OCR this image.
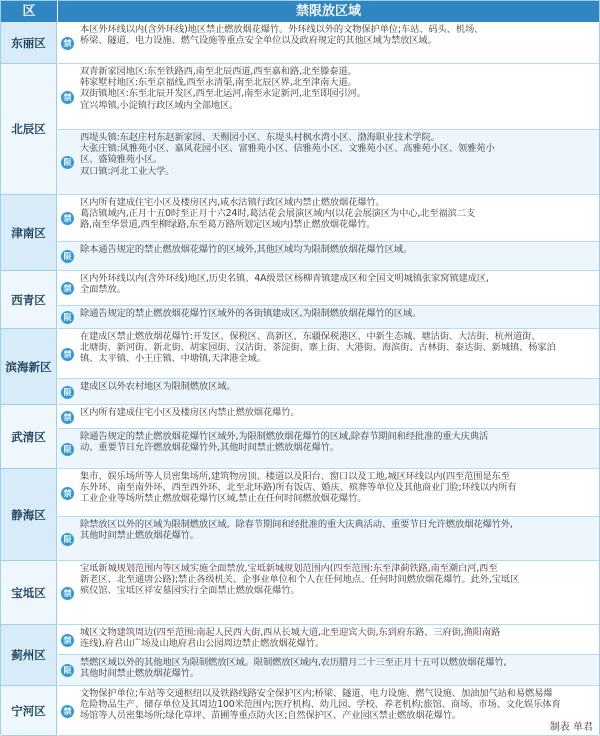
区	禁限放区域
东丽区	禁
本区外环线以内(含外环线)地区禁止燃放烟花爆竹。外环线以外的文物保护单位;车站、码头、机场、
桥梁、隧道、电力设施、燃气设施等重点安全单位以及政府规定的其他区域为禁放区域。
北辰区
禁
双青新家园地区:东至铁路西,南至北辰西道,西至嘉和路,北至滕泰道。
韩家墅村地区:东至京福线,西至永清渠,南至北辰区界,北至津南大道。
双街镇地区:东至北辰开发区,西至北运河,南至永定新河,北至即园引河。
宜兴埠镇,小淀镇行政区域内全部地区。
限
西堤头镇:东赵庄村东赵新家园、天赐园小区、东堤头村枫水湾小区、渤海职业技术学院。
大张庄镇:风雅苑小区、嘉风花园小区、富雅苑小区、信雅苑小区、文雅苑小区、高雅苑小区、领雅苑小
区、盛镜雅苑小区。
双口镇:河北工业大学。
津南区
禁
区内所有建成住宅小区及楼房区内,咸水沽镇行政区域内禁止燃放烟花爆竹。
葛沽镇域内,正月十五0时至正月十六24时,葛沽花会展演区域内(以花会展演区为中心,北至福滨二支
路,南至华景道,西至柳绿路,东至葛万路所划定区域内)禁止燃放烟花爆竹。
限
除本通告规定的禁止燃放烟花爆竹的区域外,其他区域均为限制燃放烟花爆竹区域。
西青区
禁
区内外环线以内(含外环线)地区,历史名镇、4A级景区杨柳青镇建成区和全国文明城镇张家窝镇建成区,
全面禁放。
限 除通告规定的禁止燃放烟花爆竹区域外的各街镇建成区,为限制燃放烟花爆竹的区域。
滨海新区
禁
在建成区禁止燃放烟花爆竹:开发区、保税区、高新区、东疆保税港区、中新生态城、塘沽街、大沽街、杭州道街、
北塘街、新河街、新北街、胡家园街、汉沽街、茶淀街、寨上街、大港街、海滨街、古林街、泰达街、新城镇、杨家泊
镇、太平镇、小王庄镇、中塘镇,天津港全域。
限
建成区以外农村地区为限制燃放区域。
武清区
禁 区内所有建成住宅小区及楼房区内禁止燃放烟花爆竹。
限
除通告规定的禁止燃放烟花爆竹区域外,为限制燃放烟花爆竹的区域,除春节期间和经批准的重大庆典活
动、重要节日允许燃放烟花爆竹外,其他时间禁止燃放烟花爆竹。
静海区
禁
集市、娱乐场所等人员密集场所,建筑物房顶、楼道以及阳台、窗口以及工地,城区环线以内(四至范围是东至
东外环、南至南外环、西至西外环、北至北环路)所有饭店、婚庆、殡葬等单位及其他商业门脸;环线以内所有
工业企业等场所禁止燃放烟花爆竹区域,禁止在任何时间燃放烟花爆竹。
限
除禁放区以外的区域为限制燃放区域。除春节期间和经批准的重大庆典活动、重要节日允许燃放烟花爆竹外,
其他时间禁止燃放烟花爆竹。
宝坻区	禁
宝坻新城规划范围内等区域实施全面禁放,宝坻新城规划范围内(四至范围:东至津蓟铁路,南至潮白河,西至
新老区、北至通唐公路);禁止各级机关、企事业单位和个人在任何地点、任何时间燃放烟花爆竹。此外,宝坻区
殡仪馆、宝坻区祥安墓园实行全面禁止燃放烟花爆竹。
蓟州区
禁
城区文物建筑周边(四至范围:南起人民西大街,西从长城大道,北至迎宾大街,东到府东路、三府街,渔阳南路
连线),府君山广场及山地府君山公园周边禁止燃放烟花爆竹。
限
禁燃区域以外的其他地区为限制燃放区域。限制燃放区域内,农历腊月二十三至正月十五可以燃放烟花爆竹,
其他时间禁止燃放烟花爆竹。
宁河区	禁
文物保护单位;车站等交通枢纽以及铁路线路安全保护区内;桥梁、隧道、电力设施、燃气设施、加油加气站和易燃易爆
危险物品生产、储存单位及其周边100米范围内;医疗机构、幼儿园、学校、养老机构;旅馆、商场、市场、文化娱乐体育
场馆等人员密集场所;绿化草坪、苗圃等重点防火区;自然保护区、产业园区禁止燃放烟花爆竹。
制表 单君
